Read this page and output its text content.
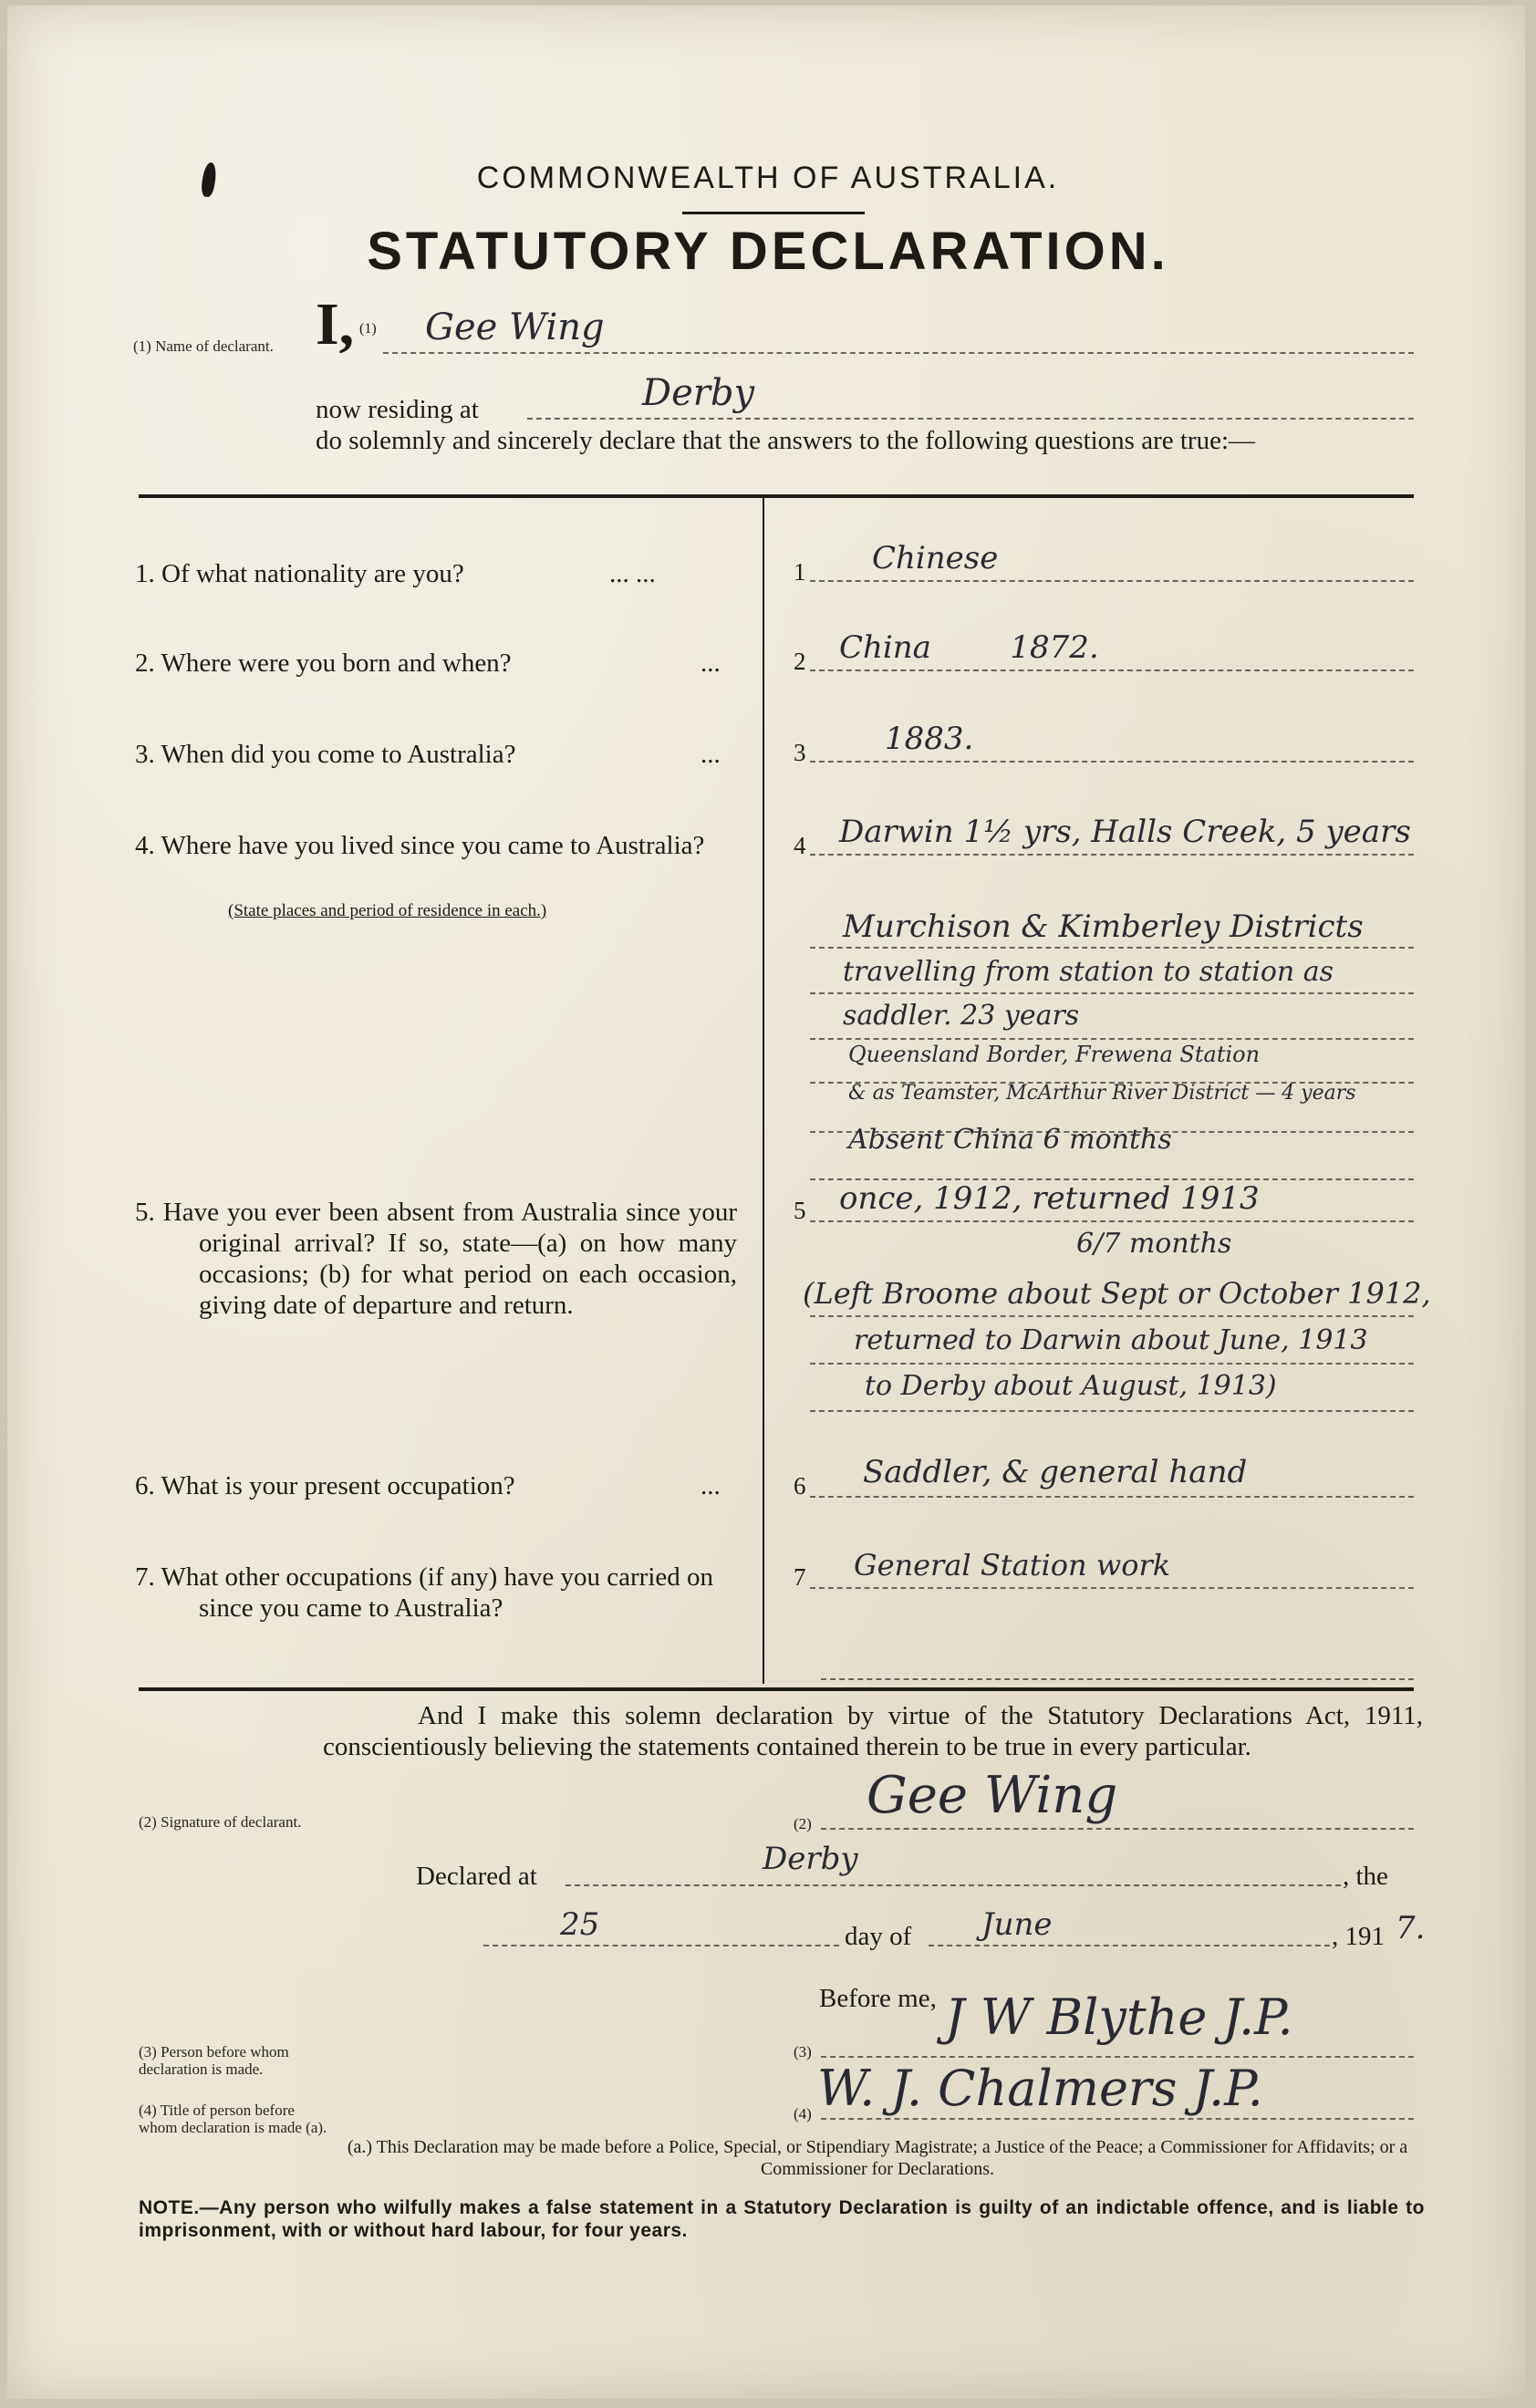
COMMONWEALTH OF AUSTRALIA.
STATUTORY DECLARATION.
(1) Name of declarant. I, (1) Gee Wing
now residing at	Derby
do solemnly and sincerely declare that the answers to the following questions are true:—
1. Of what nationality are you?	... ...	1 Chinese
2. Where were you born and when?	...	2 China        1872.
3. When did you come to Australia?	...	3	1883.
4. Where have you lived since you came to Australia?
(State places and period of residence in each.)
4 Darwin 1½ yrs, Halls Creek, 5 years
Murchison & Kimberley Districts
travelling from station to station as
saddler. 23 years
Queensland Border, Frewena Station
& as Teamster, McArthur River District — 4 years
Absent China 6 months
5. Have you ever been absent from Australia since your original arrival? If so, state—(a) on how many occasions; (b) for what period on each occasion, giving date of departure and return.
5 once, 1912, returned 1913
6/7 months
(Left Broome about Sept or October 1912,
returned to Darwin about June, 1913
to Derby about August, 1913)
6. What is your present occupation?	...	6 Saddler, & general hand
7. What other occupations (if any) have you carried on since you came to Australia?
7 General Station work
And I make this solemn declaration by virtue of the Statutory Declarations Act, 1911, conscientiously believing the statements contained therein to be true in every particular.
(2) Signature of declarant.	(2) Gee Wing
Declared at	Derby	, the
25	day of June	, 191 7.
Before me,
(3) Person before whom declaration is made.
(3)
J W Blythe J.P.
(4) Title of person before whom declaration is made (a).
(4) W. J. Chalmers J.P.
(a.) This Declaration may be made before a Police, Special, or Stipendiary Magistrate; a Justice of the Peace; a Commissioner for Affidavits; or a Commissioner for Declarations.
NOTE.—Any person who wilfully makes a false statement in a Statutory Declaration is guilty of an indictable offence, and is liable to imprisonment, with or without hard labour, for four years.
